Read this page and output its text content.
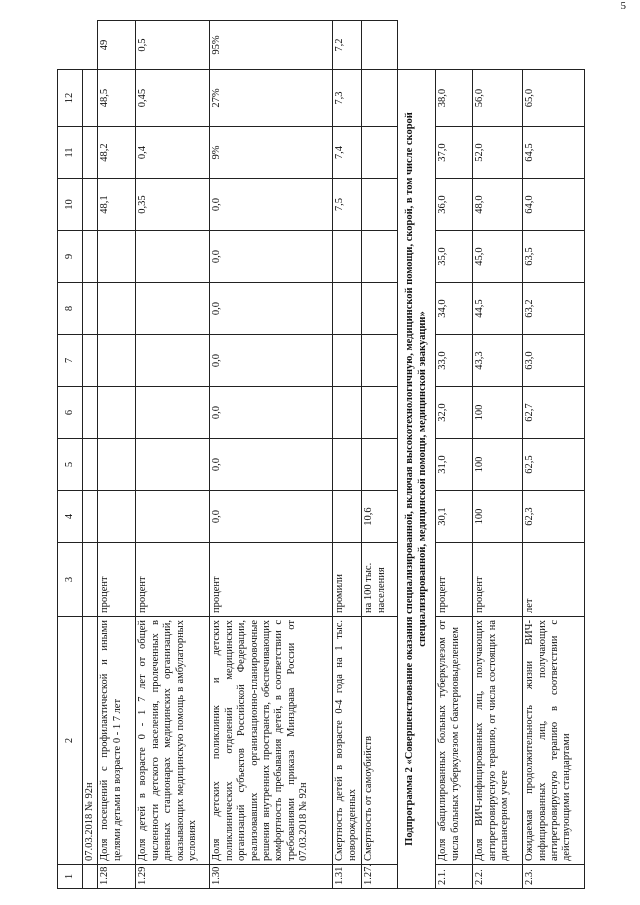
5
1	2	3	4	5	6	7	8	9	10	11	12	
	07.03.2018 № 92н											
1.28	Доля посещений с профилактической и иными целями детьми в возрасте 0 - 1 7 лет	процент							48,1	48,2	48,5	49
1.29	Доля детей в возрасте 0 - 1 7 лет от общей численности детского населения, пролеченных в дневных стационарах медицинских организаций, оказывающих медицинскую помощь в амбулаторных условиях	процент							0,35	0,4	0,45	0,5
1.30	Доля детских поликлиник и детских поликлинических отделений медицинских организаций субъектов Российской Федерации, реализовавших организационно-планировочные решения внутренних пространств, обеспечивающих комфортность пребывания детей, в соответствии с требованиями приказа Минздрава России от 07.03.2018 № 92н	процент	0,0	0,0	0,0	0,0	0,0	0,0	0,0	9%	27%	95%
1.31	Смертность детей в возрасте 0-4 года на 1 тыс. новорожденных	промили							7,5	7,4	7,3	7,2
1.27.	Смертность от самоубийств	на 100 тыс. населения	10,6									
Подпрограмма 2 «Совершенствование оказания специализированной, включая высокотехнологичную, медицинской помощи, скорой, в том числе скорой специализированной, медицинской помощи, медицинской эвакуации»												
2.1.	Доля абацилированных больных туберкулезом от числа больных туберкулезом с бактериовыделением	процент	30,1	31,0	32,0	33,0	34,0	35,0	36,0	37,0	38,0	
2.2.	Доля ВИЧ-инфицированных лиц, получающих антиретровирусную терапию, от числа состоящих на диспансерном учете	процент	100	100	100	43,3	44,5	45,0	48,0	52,0	56,0	
2.3.	Ожидаемая продолжительность жизни ВИЧ-инфицированных лиц, получающих антиретровирусную терапию в соответствии с действующими стандартами	лет	62,3	62,5	62,7	63,0	63,2	63,5	64,0	64,5	65,0	
